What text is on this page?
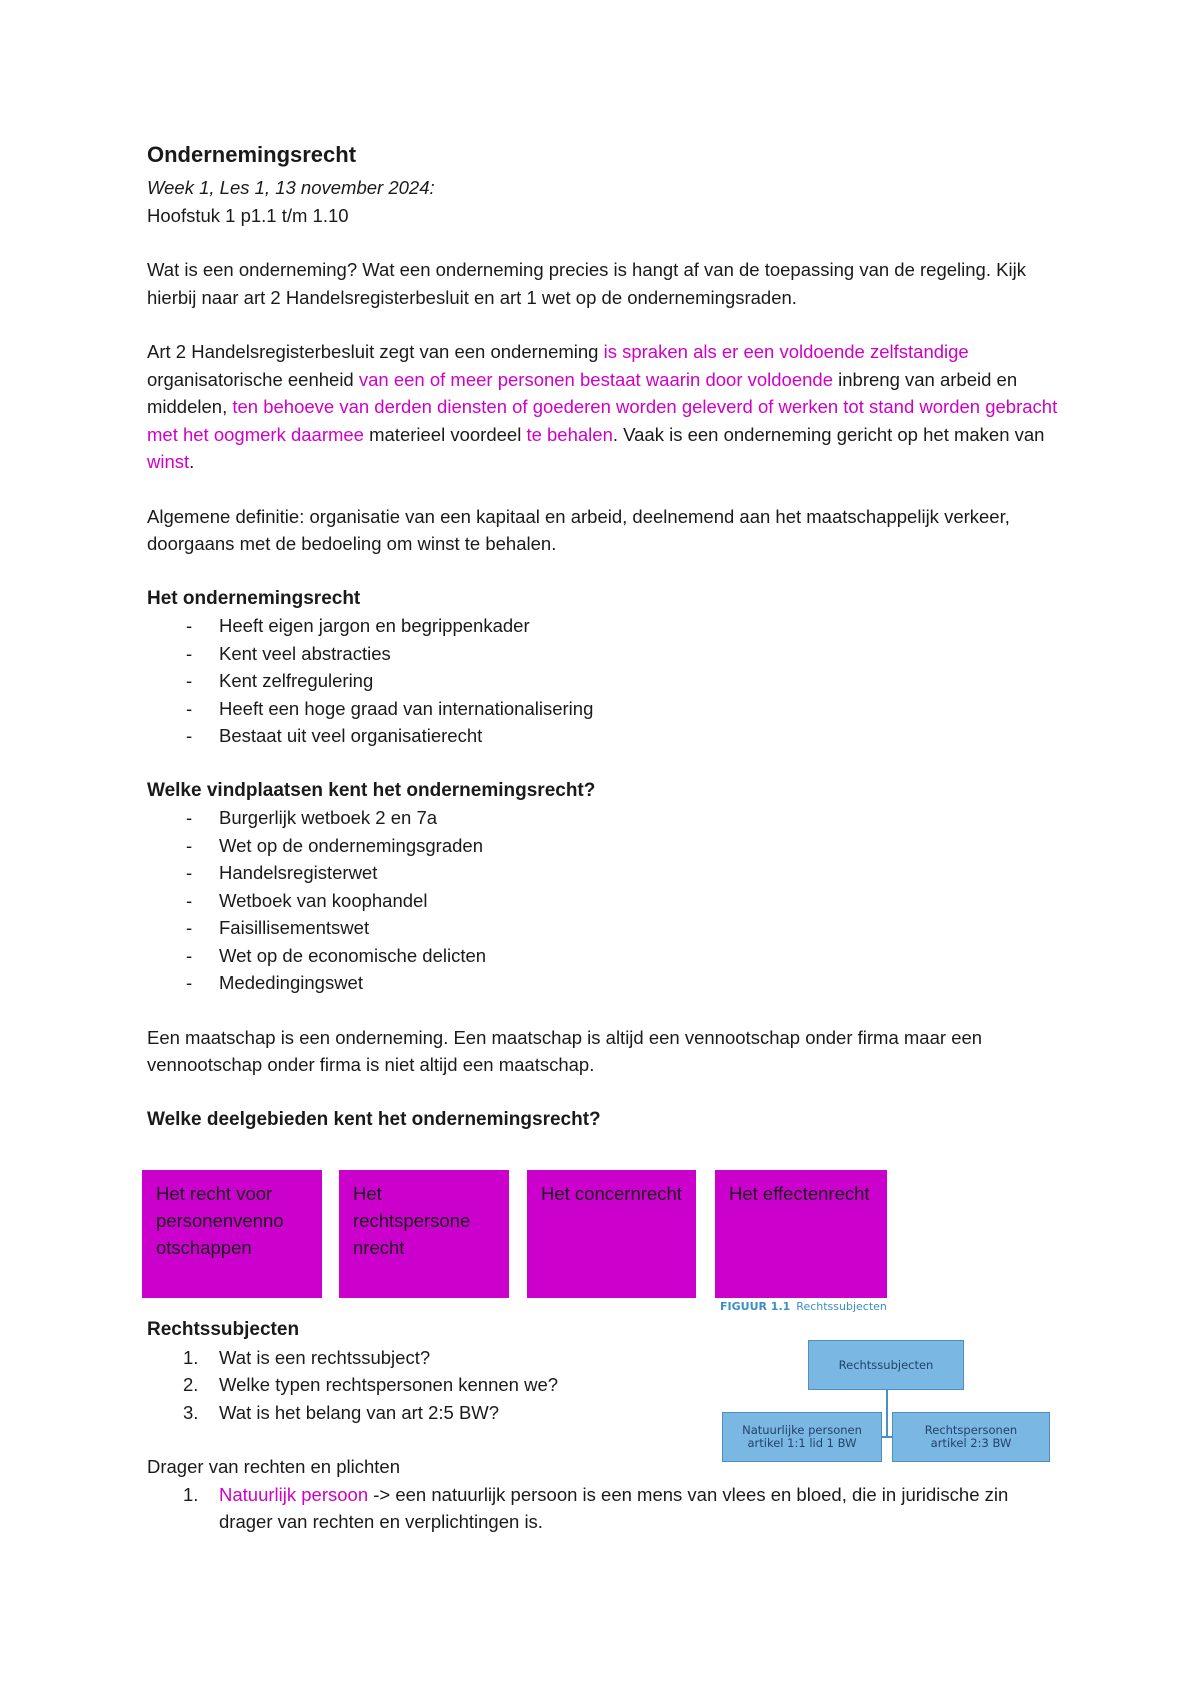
Ondernemingsrecht

Week 1, Les 1, 13 november 2024:

Hoofstuk 1 p1.1 t/m 1.10

Wat is een onderneming? Wat een onderneming precies is hangt af van de toepassing van de regeling. Kijk hierbij naar art 2 Handelsregisterbesluit en art 1 wet op de ondernemingsraden.

Art 2 Handelsregisterbesluit zegt van een onderneming is spraken als er een voldoende zelfstandige organisatorische eenheid van een of meer personen bestaat waarin door voldoende inbreng van arbeid en middelen, ten behoeve van derden diensten of goederen worden geleverd of werken tot stand worden gebracht met het oogmerk daarmee materieel voordeel te behalen. Vaak is een onderneming gericht op het maken van winst.

Algemene definitie: organisatie van een kapitaal en arbeid, deelnemend aan het maatschappelijk verkeer, doorgaans met de bedoeling om winst te behalen.

Het ondernemingsrecht
- Heeft eigen jargon en begrippenkader
- Kent veel abstracties
- Kent zelfregulering
- Heeft een hoge graad van internationalisering
- Bestaat uit veel organisatierecht
Welke vindplaatsen kent het ondernemingsrecht?
- Burgerlijk wetboek 2 en 7a
- Wet op de ondernemingsgraden
- Handelsregisterwet
- Wetboek van koophandel
- Faisillisementswet
- Wet op de economische delicten
- Mededingingswet

Een maatschap is een onderneming. Een maatschap is altijd een vennootschap onder firma maar een vennootschap onder firma is niet altijd een maatschap.

Welke deelgebieden kent het ondernemingsrecht?
Het recht voor personenvenno otschappen
Het rechtspersone nrecht
Het concernrecht	Het effectenrecht
Rechtssubjecten
1. Wat is een rechtssubject?
2. Welke typen rechtspersonen kennen we?
3. Wat is het belang van art 2:5 BW?

Drager van rechten en plichten

1. Natuurlijk persoon -> een natuurlijk persoon is een mens van vlees en bloed, die in juridische zin drager van rechten en verplichtingen is.
FIGUUR 1.1 Rechtssubjecten
Rechtssubjecten
Natuurlijke personen
artikel 1:1 lid 1 BW
Rechtspersonen
artikel 2:3 BW
